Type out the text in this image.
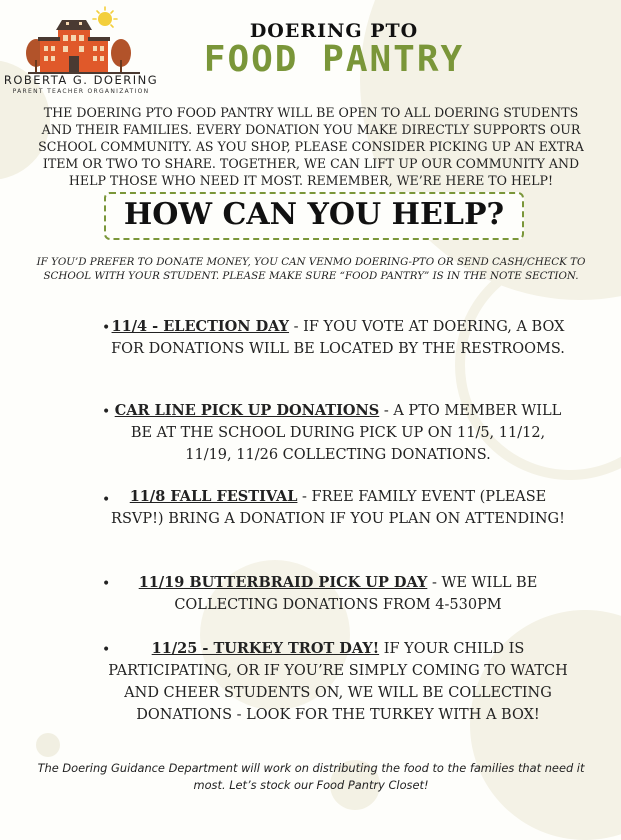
ROBERTA G. DOERING
PARENT TEACHER ORGANIZATION
DOERING PTO
FOOD PANTRY

THE DOERING PTO FOOD PANTRY WILL BE OPEN TO ALL DOERING STUDENTS AND THEIR FAMILIES. EVERY DONATION YOU MAKE DIRECTLY SUPPORTS OUR SCHOOL COMMUNITY. AS YOU SHOP, PLEASE CONSIDER PICKING UP AN EXTRA ITEM OR TWO TO SHARE. TOGETHER, WE CAN LIFT UP OUR COMMUNITY AND HELP THOSE WHO NEED IT MOST. REMEMBER, WE’RE HERE TO HELP!

HOW CAN YOU HELP?

IF YOU’D PREFER TO DONATE MONEY, YOU CAN VENMO DOERING-PTO OR SEND CASH/CHECK TO SCHOOL WITH YOUR STUDENT. PLEASE MAKE SURE “FOOD PANTRY” IS IN THE NOTE SECTION.

• 11/4 - ELECTION DAY - IF YOU VOTE AT DOERING, A BOX FOR DONATIONS WILL BE LOCATED BY THE RESTROOMS.
• CAR LINE PICK UP DONATIONS - A PTO MEMBER WILL BE AT THE SCHOOL DURING PICK UP ON 11/5, 11/12, 11/19, 11/26 COLLECTING DONATIONS.
•	11/8 FALL FESTIVAL - FREE FAMILY EVENT (PLEASE RSVP!) BRING A DONATION IF YOU PLAN ON ATTENDING!
•	11/19 BUTTERBRAID PICK UP DAY - WE WILL BE COLLECTING DONATIONS FROM 4-530PM
•	11/25 - TURKEY TROT DAY! IF YOUR CHILD IS PARTICIPATING, OR IF YOU’RE SIMPLY COMING TO WATCH AND CHEER STUDENTS ON, WE WILL BE COLLECTING DONATIONS - LOOK FOR THE TURKEY WITH A BOX!

The Doering Guidance Department will work on distributing the food to the families that need it most. Let’s stock our Food Pantry Closet!
